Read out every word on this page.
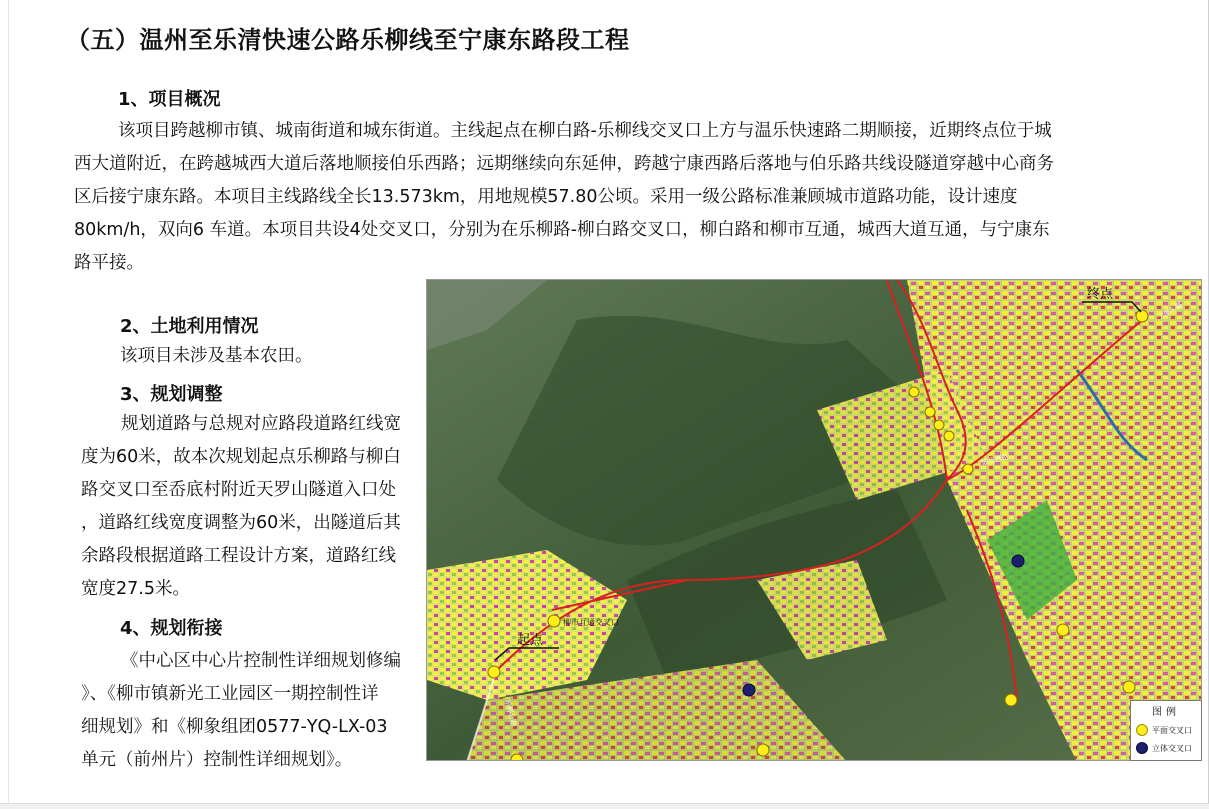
（五）温州至乐清快速公路乐柳线至宁康东路段工程
1、项目概况
该项目跨越柳市镇、城南街道和城东街道。主线起点在柳白路-乐柳线交叉口上方与温乐快速路二期顺接，近期终点位于城
西大道附近，在跨越城西大道后落地顺接伯乐西路；远期继续向东延伸，跨越宁康西路后落地与伯乐路共线设隧道穿越中心商务
区后接宁康东路。本项目主线路线全长13.573km，用地规模57.80公顷。采用一级公路标准兼顾城市道路功能，设计速度
80km/h，双向6 车道。本项目共设4处交叉口，分别为在乐柳路-柳白路交叉口，柳白路和柳市互通，城西大道互通，与宁康东
路平接。
2、土地利用情况
该项目未涉及基本农田。
3、规划调整
规划道路与总规对应路段道路红线宽
度为60米，故本次规划起点乐柳路与柳白
路交叉口至岙底村附近天罗山隧道入口处
，道路红线宽度调整为60米，出隧道后其
余路段根据道路工程设计方案，道路红线
宽度27.5米。
4、规划衔接
《中心区中心片控制性详细规划修编
》、《柳市镇新光工业园区一期控制性详
细规划》和《柳象组团0577-YQ-LX-03
单元（前州片）控制性详细规划》。
起点
终点
柳市互通交叉口
宁康东路
伯乐西路
乐柳公路	图例
平面交叉口
立体交叉口
